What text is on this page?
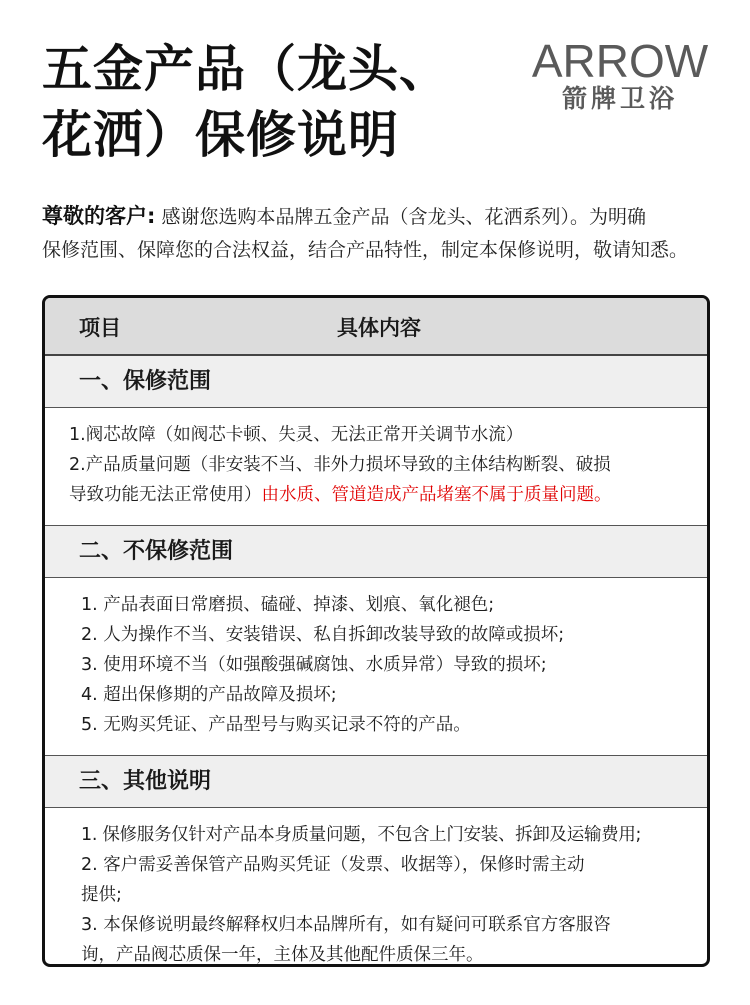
五金产品（龙头、
花洒）保修说明
ARROW
箭牌卫浴
尊敬的客户: 感谢您选购本品牌五金产品（含龙头、花洒系列）。为明确
保修范围、保障您的合法权益，结合产品特性，制定本保修说明，敬请知悉。
项目	具体内容
一、保修范围
1.阀芯故障（如阀芯卡顿、失灵、无法正常开关调节水流）
2.产品质量问题（非安装不当、非外力损坏导致的主体结构断裂、破损
导致功能无法正常使用）由水质、管道造成产品堵塞不属于质量问题。
二、不保修范围
1. 产品表面日常磨损、磕碰、掉漆、划痕、氧化褪色;
2. 人为操作不当、安装错误、私自拆卸改装导致的故障或损坏;
3. 使用环境不当（如强酸强碱腐蚀、水质异常）导致的损坏;
4. 超出保修期的产品故障及损坏;
5. 无购买凭证、产品型号与购买记录不符的产品。
三、其他说明
1. 保修服务仅针对产品本身质量问题，不包含上门安装、拆卸及运输费用;
2. 客户需妥善保管产品购买凭证（发票、收据等），保修时需主动
提供;
3. 本保修说明最终解释权归本品牌所有，如有疑问可联系官方客服咨
询，产品阀芯质保一年，主体及其他配件质保三年。
